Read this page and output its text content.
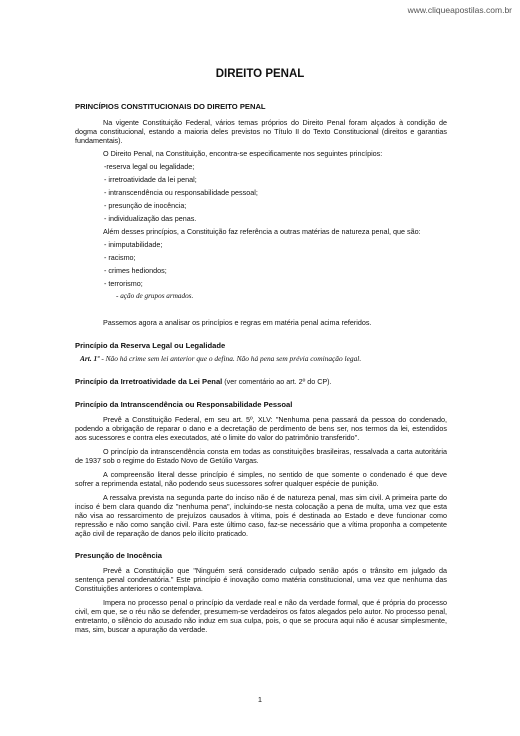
www.cliqueapostilas.com.br
DIREITO PENAL
PRINCÍPIOS CONSTITUCIONAIS DO DIREITO PENAL
Na vigente Constituição Federal, vários temas próprios do Direito Penal foram alçados à condição de dogma constitucional, estando a maioria deles previstos no Título II do Texto Constitucional (direitos e garantias fundamentais).
O Direito Penal, na Constituição, encontra-se especificamente nos seguintes princípios:
-reserva legal ou legalidade;
- irretroatividade da lei penal;
- intranscendência ou responsabilidade pessoal;
- presunção de inocência;
- individualização das penas.
Além desses princípios, a Constituição faz referência a outras matérias de natureza penal, que são:
- inimputabilidade;
- racismo;
- crimes hediondos;
- terrorismo;
- ação de grupos armados.
Passemos agora a analisar os princípios e regras em matéria penal acima referidos.
Princípio da Reserva Legal ou Legalidade
Art. 1º - Não há crime sem lei anterior que o defina. Não há pena sem prévia cominação legal.
Princípio da Irretroatividade da Lei Penal (ver comentário ao art. 2º do CP).
Princípio da Intranscendência ou Responsabilidade Pessoal
Prevê a Constituição Federal, em seu art. 5º, XLV: "Nenhuma pena passará da pessoa do condenado, podendo a obrigação de reparar o dano e a decretação de perdimento de bens ser, nos termos da lei, estendidos aos sucessores e contra eles executados, até o limite do valor do patrimônio transferido".
O princípio da intranscendência consta em todas as constituições brasileiras, ressalvada a carta autoritária de 1937 sob o regime do Estado Novo de Getúlio Vargas.
A compreensão literal desse princípio é simples, no sentido de que somente o condenado é que deve sofrer a reprimenda estatal, não podendo seus sucessores sofrer qualquer espécie de punição.
A ressalva prevista na segunda parte do inciso não é de natureza penal, mas sim civil. A primeira parte do inciso é bem clara quando diz "nenhuma pena", incluindo-se nesta colocação a pena de multa, uma vez que esta não visa ao ressarcimento de prejuízos causados à vítima, pois é destinada ao Estado e deve funcionar como repressão e não como sanção civil. Para este último caso, faz-se necessário que a vítima proponha a competente ação civil de reparação de danos pelo ilícito praticado.
Presunção de Inocência
Prevê a Constituição que "Ninguém será considerado culpado senão após o trânsito em julgado da sentença penal condenatória." Este princípio é inovação como matéria constitucional, uma vez que nenhuma das Constituições anteriores o contemplava.
Impera no processo penal o princípio da verdade real e não da verdade formal, que é própria do processo civil, em que, se o réu não se defender, presumem-se verdadeiros os fatos alegados pelo autor. No processo penal, entretanto, o silêncio do acusado não induz em sua culpa, pois, o que se procura aqui não é acusar simplesmente, mas, sim, buscar a apuração da verdade.
1
